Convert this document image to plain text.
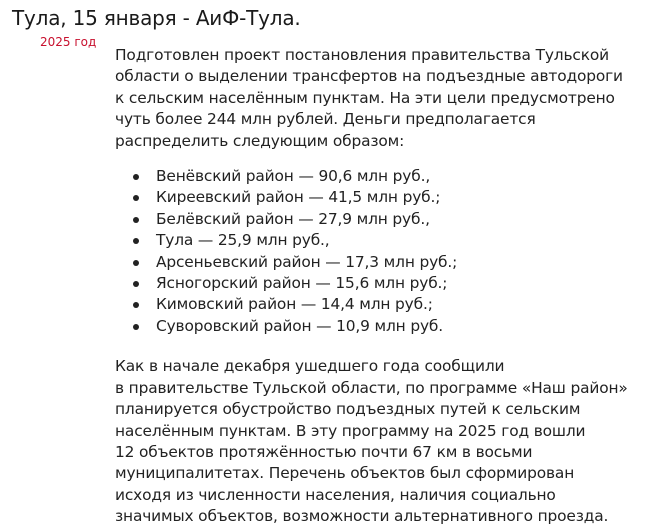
Тула, 15 января - АиФ-Тула.
2025 год

Подготовлен проект постановления правительства Тульской
области о выделении трансфертов на подъездные автодороги
к сельским населённым пунктам. На эти цели предусмотрено
чуть более 244 млн рублей. Деньги предполагается
распределить следующим образом:

Венёвский район — 90,6 млн руб.,
Киреевский район — 41,5 млн руб.;
Белёвский район — 27,9 млн руб.,
Тула — 25,9 млн руб.,
Арсеньевский район — 17,3 млн руб.;
Ясногорский район — 15,6 млн руб.;
Кимовский район — 14,4 млн руб.;
Суворовский район — 10,9 млн руб.

Как в начале декабря ушедшего года сообщили
в правительстве Тульской области, по программе «Наш район»
планируется обустройство подъездных путей к сельским
населённым пунктам. В эту программу на 2025 год вошли
12 объектов протяжённостью почти 67 км в восьми
муниципалитетах. Перечень объектов был сформирован
исходя из численности населения, наличия социально
значимых объектов, возможности альтернативного проезда.
